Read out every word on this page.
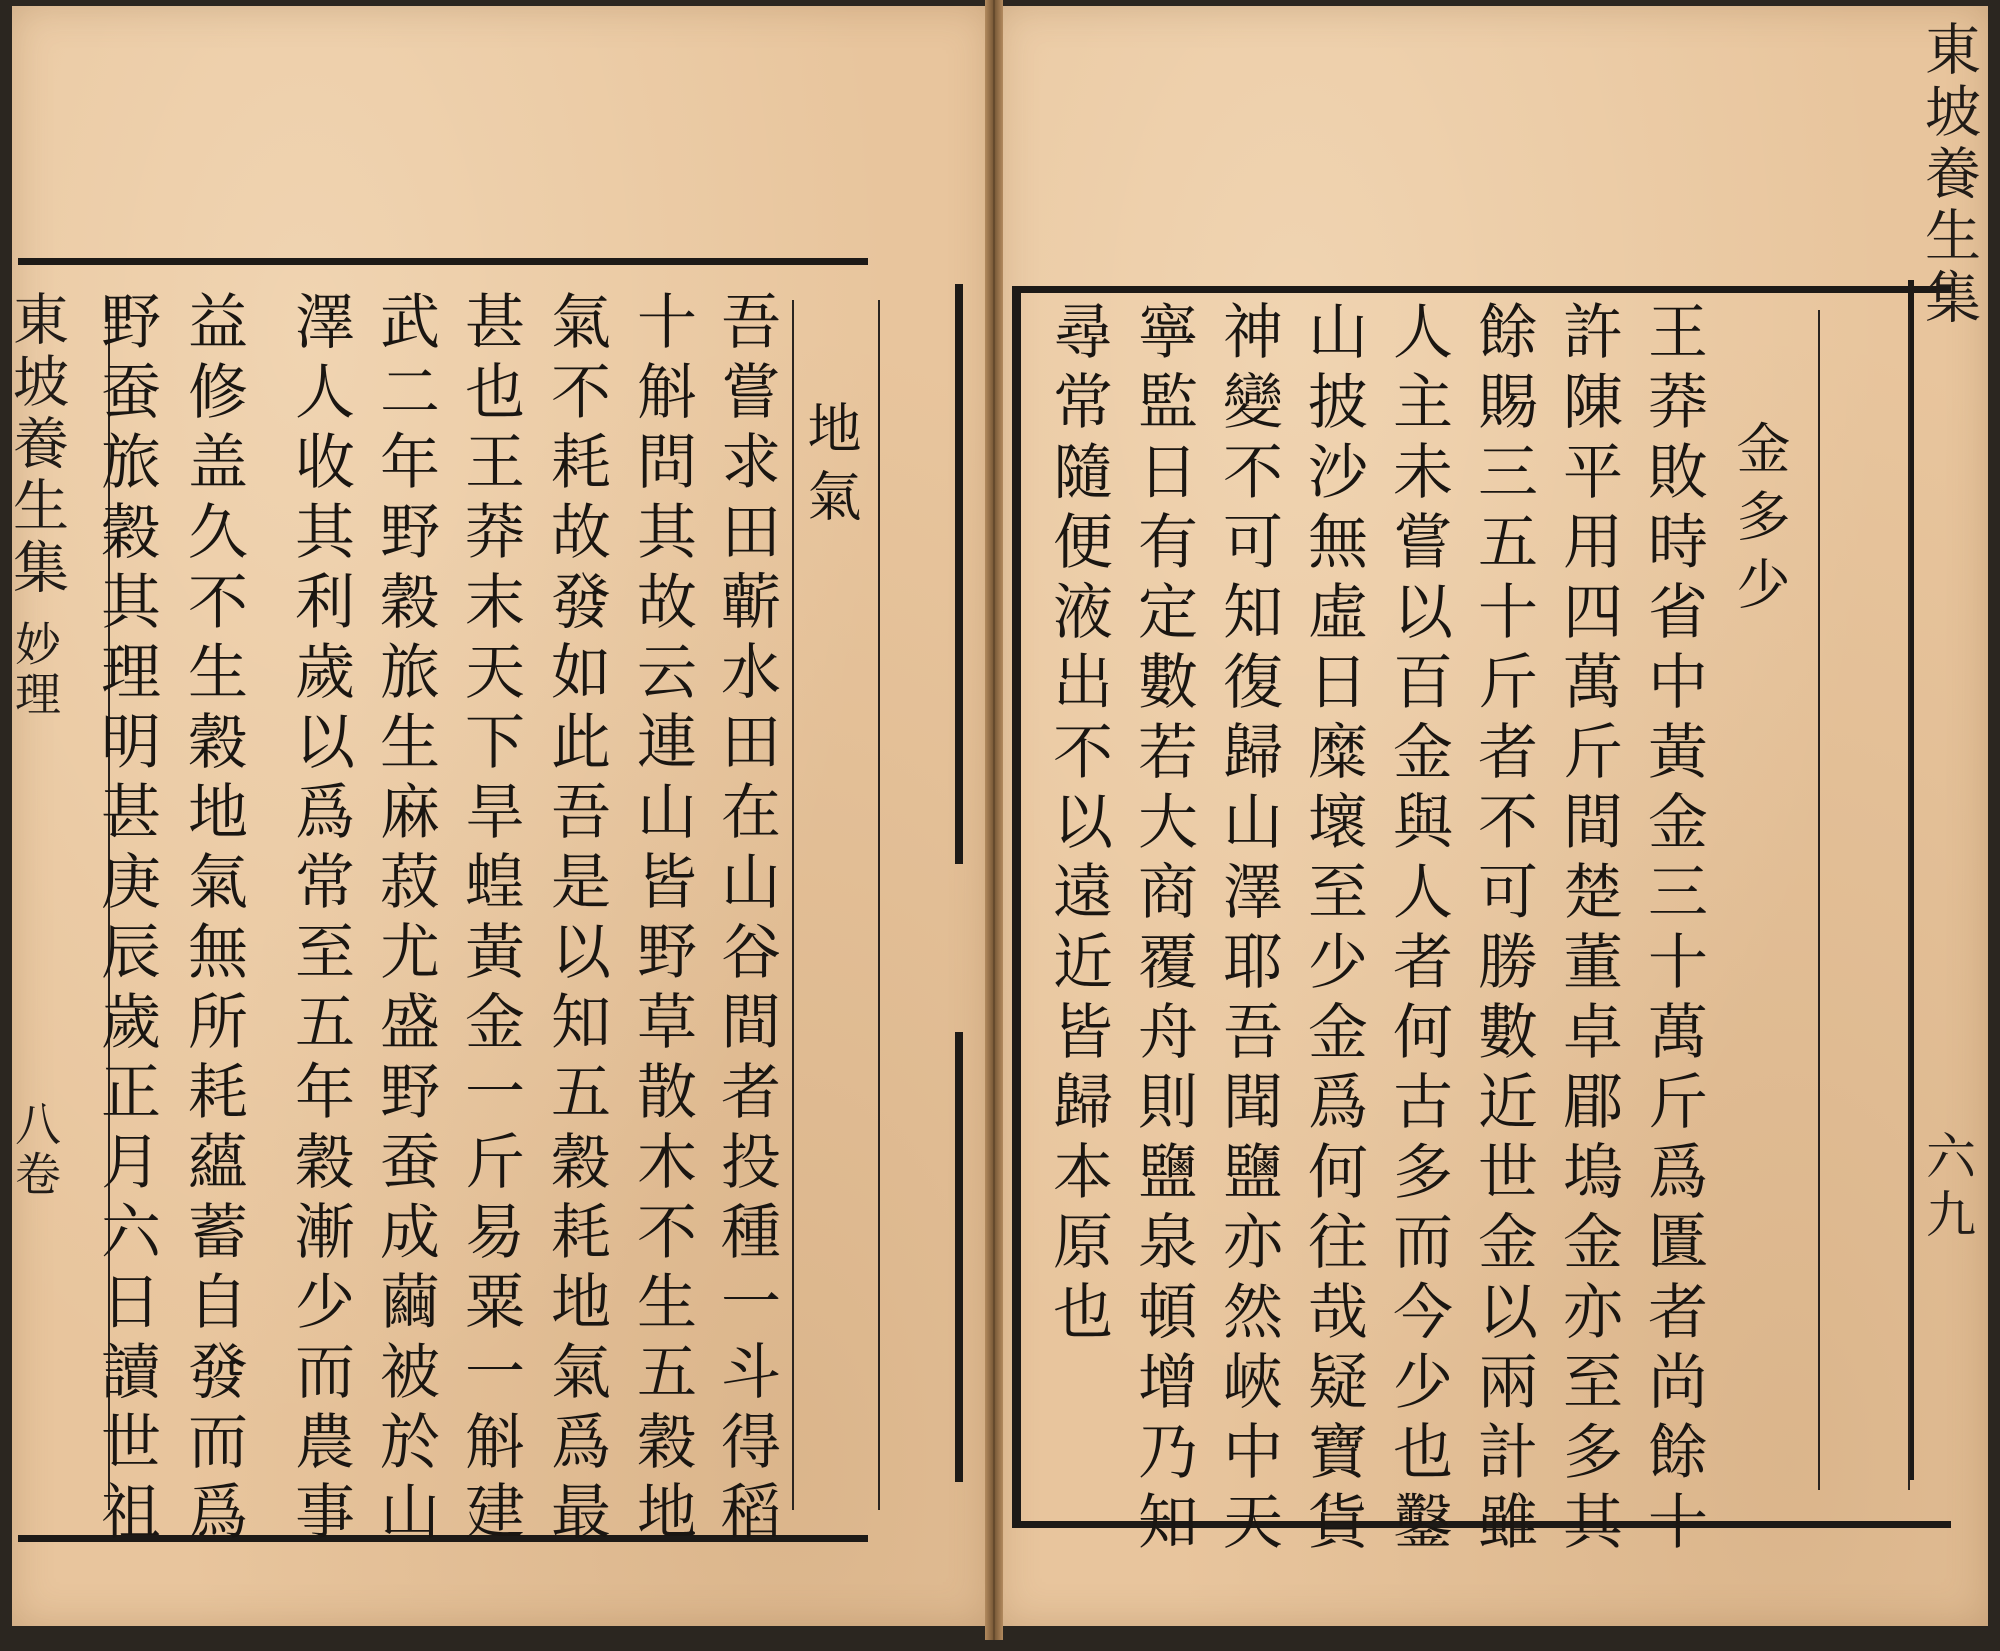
東坡養生集
妙理
八卷 野蚕旅穀其理明甚庚辰歲正月六日讀世祖 益修盖久不生穀地氣無所耗蘊蓄自發而爲 澤人收其利歲以爲常至五年穀漸少而農事 武二年野穀旅生麻菽尤盛野蚕成繭被於山 甚也王莽末天下旱蝗黃金一斤易粟一斛建 氣不耗故發如此吾是以知五穀耗地氣爲最 十斛問其故云連山皆野草散木不生五穀地 吾嘗求田蘄水田在山谷間者投種一斗得稻 地氣	尋常隨便液出不以遠近皆歸本原也 寧監日有定數若大商覆舟則鹽泉頓增乃知 神變不可知復歸山澤耶吾聞鹽亦然峽中天 山披沙無虛日糜壞至少金爲何往哉疑寶貨 人主未嘗以百金與人者何古多而今少也鑿 餘賜三五十斤者不可勝數近世金以兩計雖 許陳平用四萬斤間楚董卓郿塢金亦至多其 王莽敗時省中黃金三十萬斤爲匱者尚餘十 金多少
東坡養生集
六九
